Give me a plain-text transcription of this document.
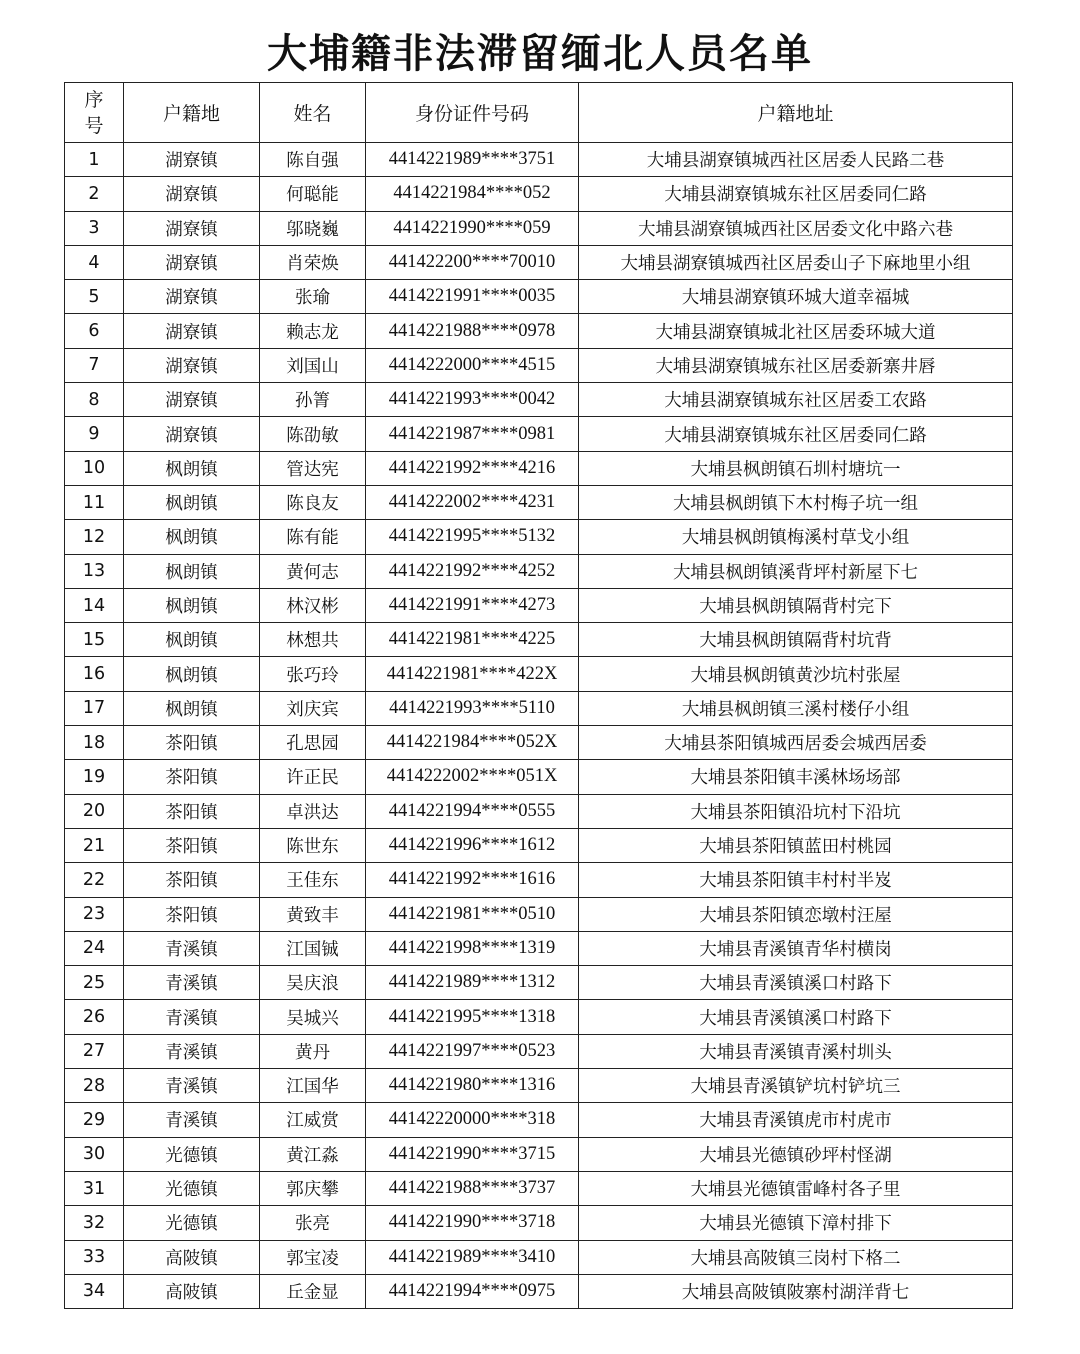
大埔籍非法滞留缅北人员名单
序号	户籍地	姓名	身份证件号码	户籍地址
1	湖寮镇	陈自强	4414221989****3751	大埔县湖寮镇城西社区居委人民路二巷
2	湖寮镇	何聪能	4414221984****052	大埔县湖寮镇城东社区居委同仁路
3	湖寮镇	邬晓巍	4414221990****059	大埔县湖寮镇城西社区居委文化中路六巷
4	湖寮镇	肖荣焕	441422200****70010	大埔县湖寮镇城西社区居委山子下麻地里小组
5	湖寮镇	张瑜	4414221991****0035	大埔县湖寮镇环城大道幸福城
6	湖寮镇	赖志龙	4414221988****0978	大埔县湖寮镇城北社区居委环城大道
7	湖寮镇	刘国山	4414222000****4515	大埔县湖寮镇城东社区居委新寨井唇
8	湖寮镇	孙箐	4414221993****0042	大埔县湖寮镇城东社区居委工农路
9	湖寮镇	陈劭敏	4414221987****0981	大埔县湖寮镇城东社区居委同仁路
10	枫朗镇	管达宪	4414221992****4216	大埔县枫朗镇石圳村塘坑一
11	枫朗镇	陈良友	4414222002****4231	大埔县枫朗镇下木村梅子坑一组
12	枫朗镇	陈有能	4414221995****5132	大埔县枫朗镇梅溪村草戈小组
13	枫朗镇	黄何志	4414221992****4252	大埔县枫朗镇溪背坪村新屋下七
14	枫朗镇	林汉彬	4414221991****4273	大埔县枫朗镇隔背村完下
15	枫朗镇	林想共	4414221981****4225	大埔县枫朗镇隔背村坑背
16	枫朗镇	张巧玲	4414221981****422X	大埔县枫朗镇黄沙坑村张屋
17	枫朗镇	刘庆宾	4414221993****5110	大埔县枫朗镇三溪村楼仔小组
18	茶阳镇	孔思园	4414221984****052X	大埔县茶阳镇城西居委会城西居委
19	茶阳镇	许正民	4414222002****051X	大埔县茶阳镇丰溪林场场部
20	茶阳镇	卓洪达	4414221994****0555	大埔县茶阳镇沿坑村下沿坑
21	茶阳镇	陈世东	4414221996****1612	大埔县茶阳镇蓝田村桃园
22	茶阳镇	王佳东	4414221992****1616	大埔县茶阳镇丰村村半岌
23	茶阳镇	黄致丰	4414221981****0510	大埔县茶阳镇恋墩村汪屋
24	青溪镇	江国铖	4414221998****1319	大埔县青溪镇青华村横岗
25	青溪镇	吴庆浪	4414221989****1312	大埔县青溪镇溪口村路下
26	青溪镇	吴城兴	4414221995****1318	大埔县青溪镇溪口村路下
27	青溪镇	黄丹	4414221997****0523	大埔县青溪镇青溪村圳头
28	青溪镇	江国华	4414221980****1316	大埔县青溪镇铲坑村铲坑三
29	青溪镇	江威赏	44142220000****318	大埔县青溪镇虎市村虎市
30	光德镇	黄江淼	4414221990****3715	大埔县光德镇砂坪村怪湖
31	光德镇	郭庆攀	4414221988****3737	大埔县光德镇雷峰村各子里
32	光德镇	张亮	4414221990****3718	大埔县光德镇下漳村排下
33	高陂镇	郭宝凌	4414221989****3410	大埔县高陂镇三岗村下格二
34	高陂镇	丘金显	4414221994****0975	大埔县高陂镇陂寨村湖洋背七
